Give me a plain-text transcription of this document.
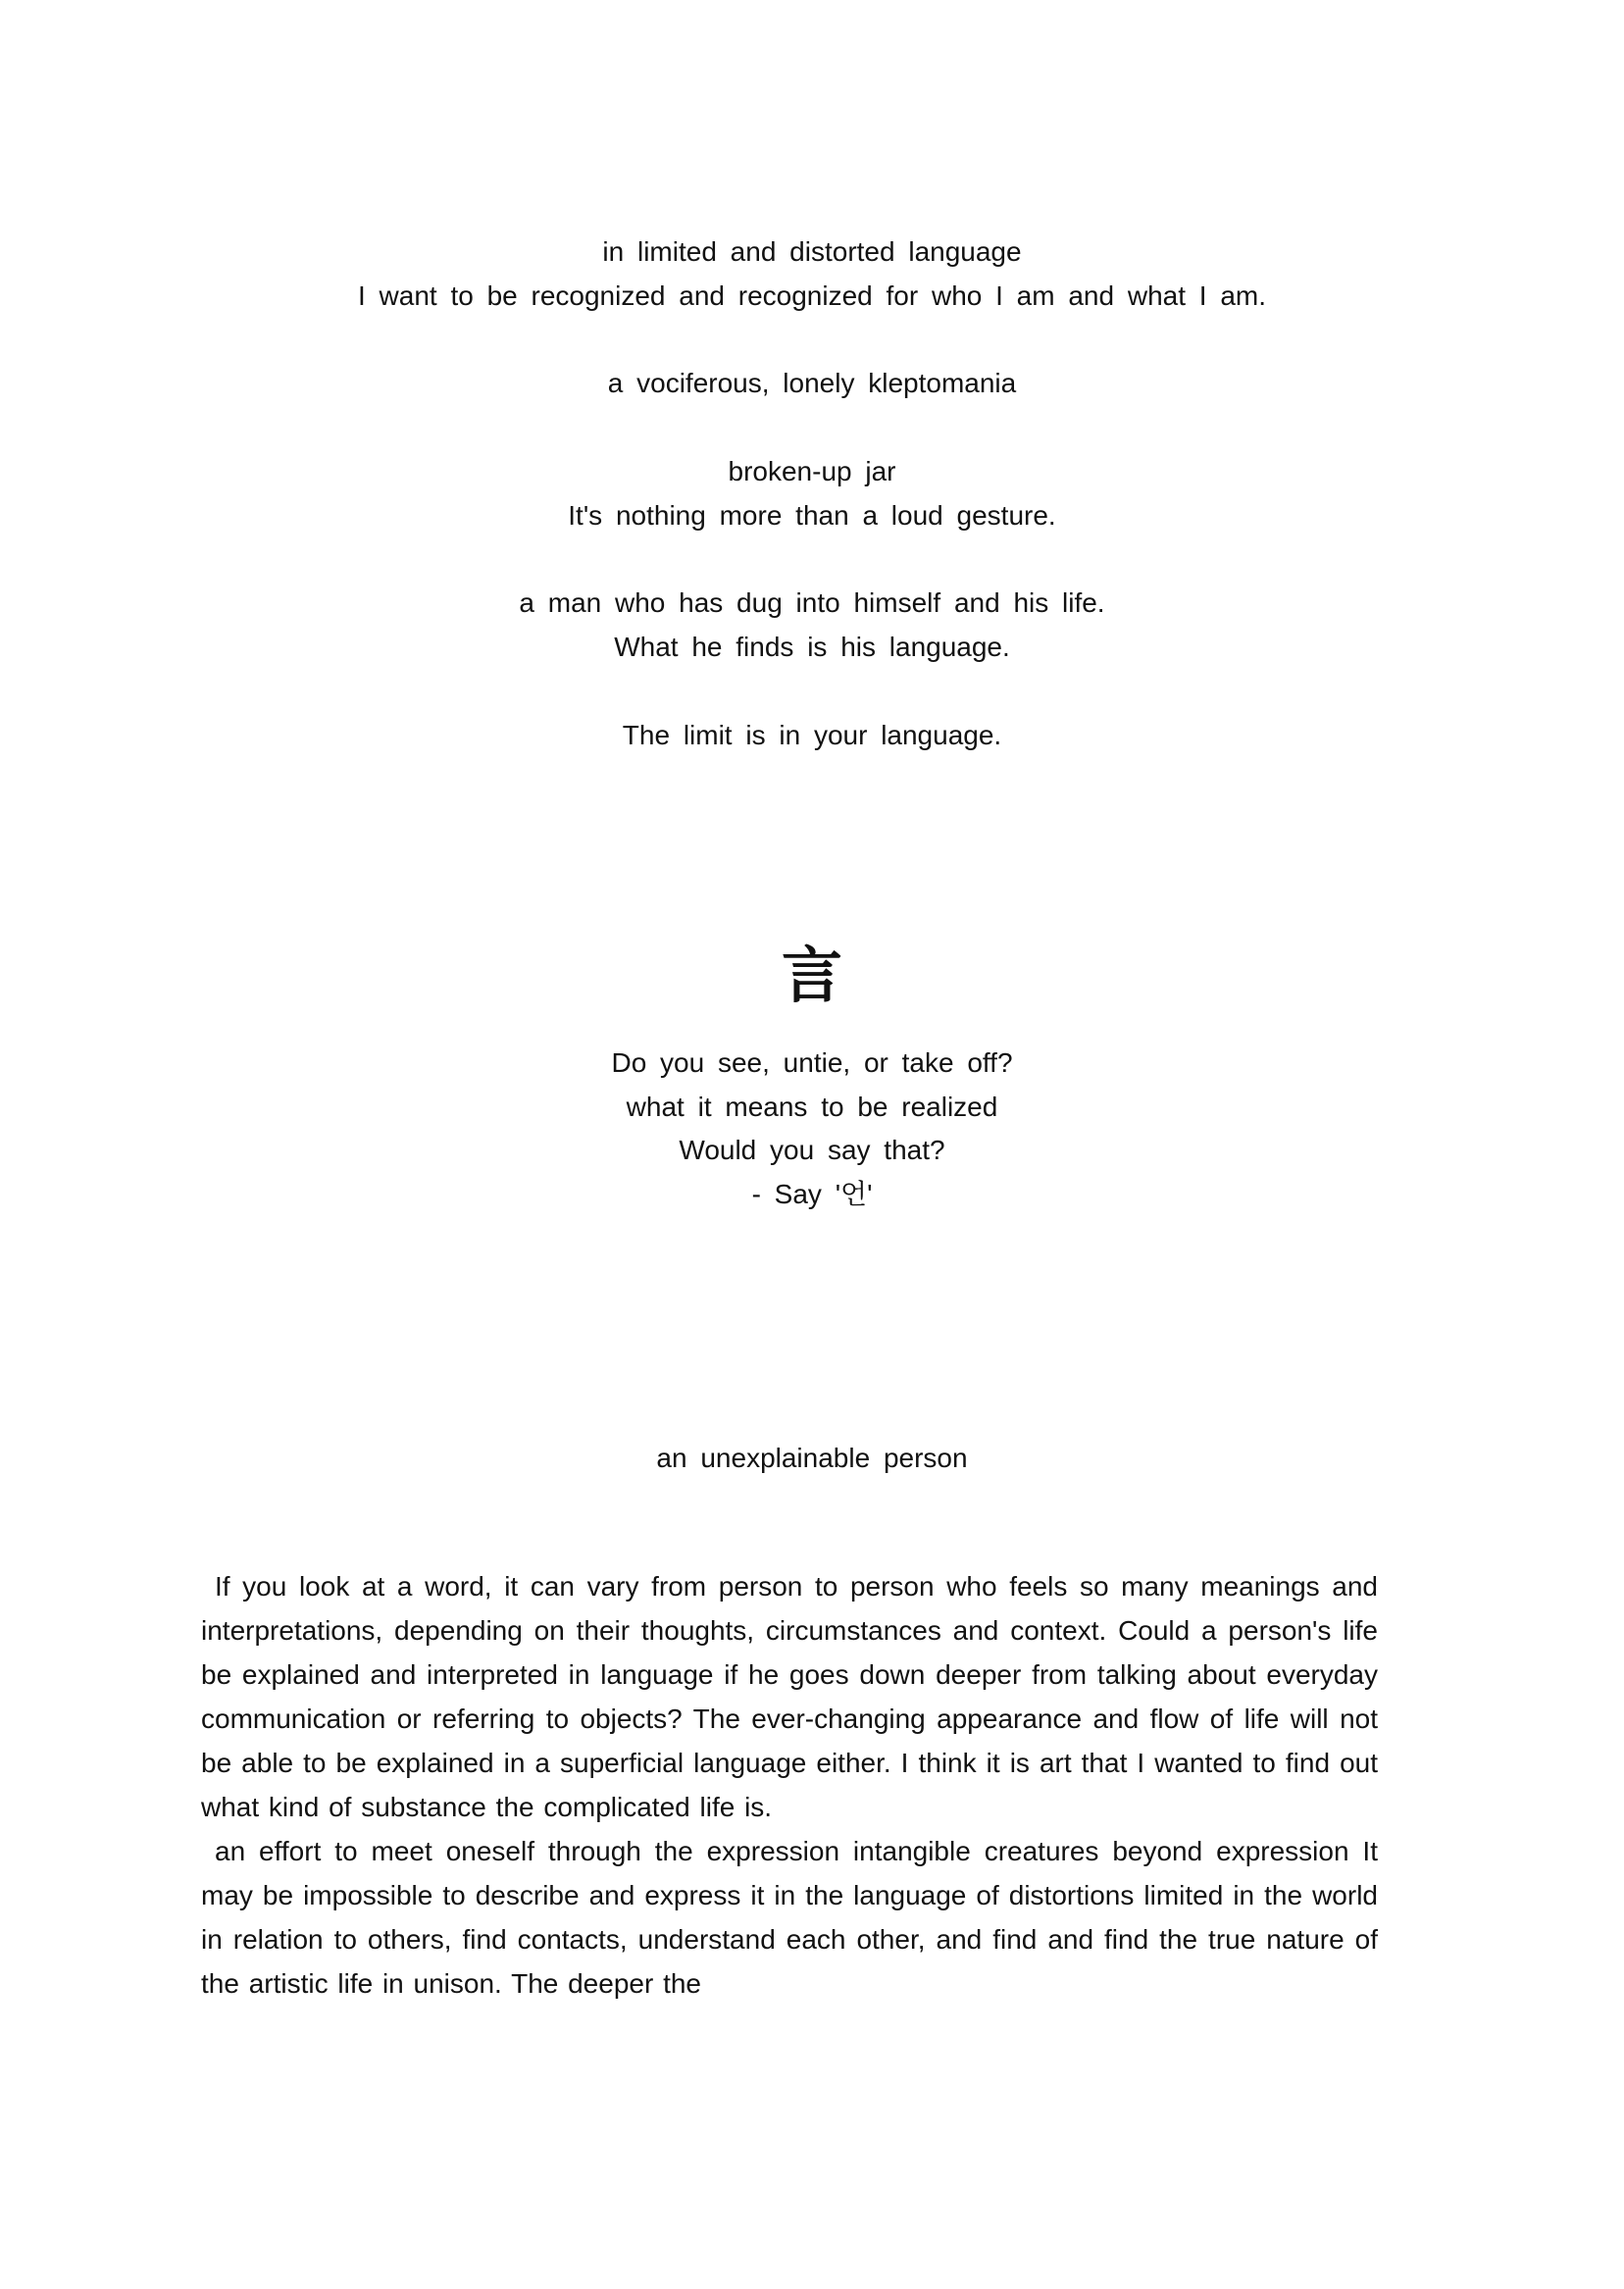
in limited and distorted language
I want to be recognized and recognized for who I am and what I am.
a vociferous, lonely kleptomania
broken-up jar
It's nothing more than a loud gesture.
a man who has dug into himself and his life.
What he finds is his language.
The limit is in your language.
言
Do you see, untie, or take off?
what it means to be realized
Would you say that?
- Say '언'
an unexplainable person

If you look at a word, it can vary from person to person who feels so many meanings and interpretations, depending on their thoughts, circumstances and context. Could a person's life be explained and interpreted in language if he goes down deeper from talking about everyday communication or referring to objects? The ever-changing appearance and flow of life will not be able to be explained in a superficial language either. I think it is art that I wanted to find out what kind of substance the complicated life is.

an effort to meet oneself through the expression intangible creatures beyond expression It may be impossible to describe and express it in the language of distortions limited in the world in relation to others, find contacts, understand each other, and find and find the true nature of the artistic life in unison. The deeper the
